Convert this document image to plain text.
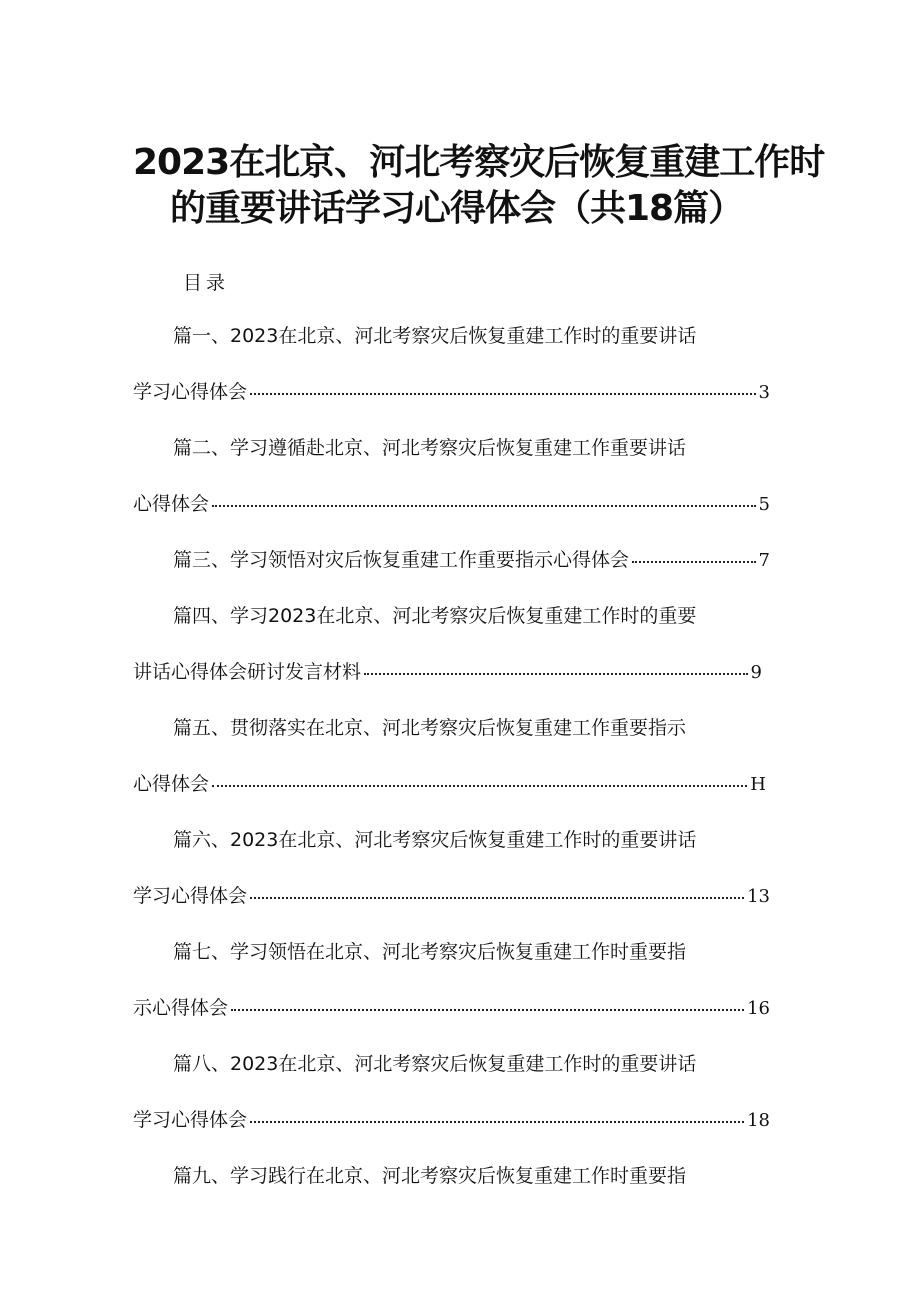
2023在北京、河北考察灾后恢复重建工作时
的重要讲话学习心得体会（共18篇）
目录
篇一、2023在北京、河北考察灾后恢复重建工作时的重要讲话
学习心得体会	3
篇二、学习遵循赴北京、河北考察灾后恢复重建工作重要讲话
心得体会	5
篇三、学习领悟对灾后恢复重建工作重要指示心得体会	7
篇四、学习2023在北京、河北考察灾后恢复重建工作时的重要
讲话心得体会研讨发言材料	9
篇五、贯彻落实在北京、河北考察灾后恢复重建工作重要指示
心得体会	H
篇六、2023在北京、河北考察灾后恢复重建工作时的重要讲话
学习心得体会	13
篇七、学习领悟在北京、河北考察灾后恢复重建工作时重要指
示心得体会	16
篇八、2023在北京、河北考察灾后恢复重建工作时的重要讲话
学习心得体会	18
篇九、学习践行在北京、河北考察灾后恢复重建工作时重要指
